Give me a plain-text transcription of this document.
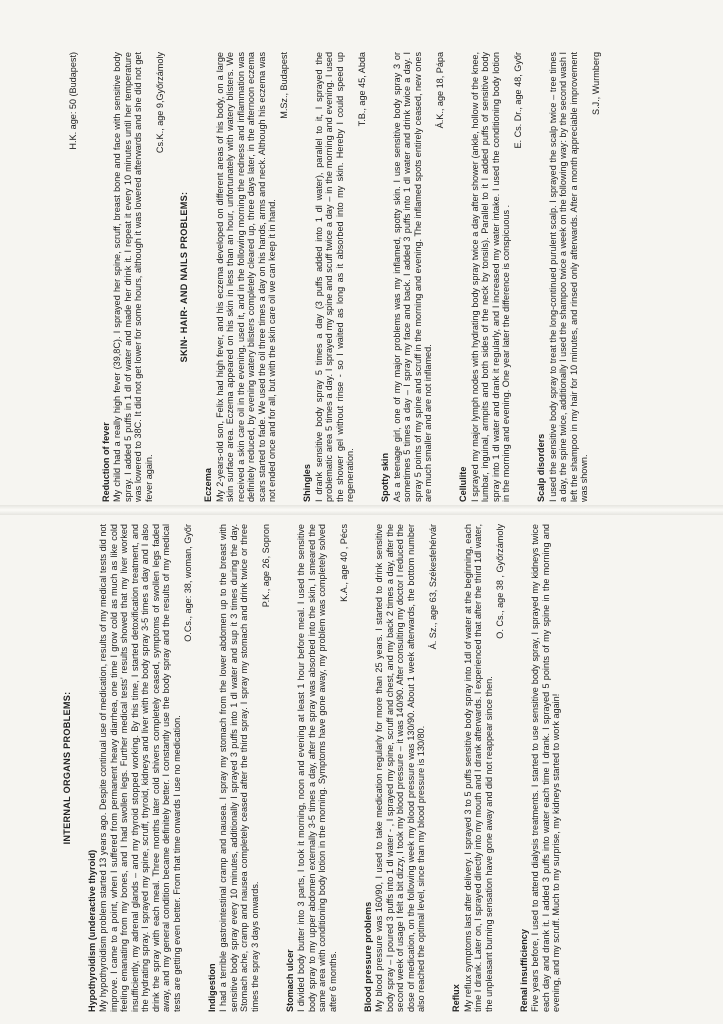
INTERNAL ORGANS PROBLEMS:
Hypothyroidism (underactive thyroid) My hypothyroidism problem started 13 years ago. Despite continual use of medication, results of my medical tests did not improve. I came to a point, when I suffered from permanent heavy diarrhea, one time I grow cold as much as like cold feeling emanating from my bones, and I had swollen legs. Further medical tests' results showed that my liver worked insufficiently, my adrenal glands – and my thyroid stopped working. By this time, I started detoxification treatment, and the hydrating spray. I sprayed my spine, scruff, thyroid, kidneys and liver with the body spray 3-5 times a day and I also drink the spray with each meal. Three months later cold shivers completely ceased, symptoms of swollen legs faded away, and my general condition became definitely better. I constantly use the body spray and the results of my medical tests are getting even better. From that time onwards I use no medication.
O.Cs., age: 38, woman, Győr
Indigestion I had a terrible gastrointestinal cramp and nausea. I spray my stomach from the lower abdomen up to the breast with sensitive body spray every 10 minutes, additionally I sprayed 3 puffs into 1 dl water and sup it 3 times during the day. Stomach ache, cramp and nausea completely ceased after the third spray. I spray my stomach and drink twice or three times the spray 3 days onwards.
P.K., age 26, Sopron
Stomach ulcer I divided body butter into 3 parts, I took it morning, noon and evening at least 1 hour before meal. I used the sensitive body spray to my upper abdomen externally 3-5 times a day, after the spray was absorbed into the skin, I smeared the same area with conditioning body lotion in the morning. Symptoms have gone away, my problem was completely solved after 6 months.
K.A., age 40 , Pécs
Blood pressure problems My blood pressure was 160/90, I used to take medication regularly for more than 25 years. I started to drink sensitive body spray – I poured 3 puffs into 1 dl water - , I sprayed my spine, scruff and chest, and my back 2 times a day, after the second week of usage I felt a bit dizzy, I took my blood pressure – it was 140/90. After consulting my doctor I reduced the dose of medication, on the following week my blood pressure was 130/90. About 1 week afterwards, the bottom number also reached the optimal level, since than my blood pressure is 130/80.
Á. Sz., age 63, Székesfehérvár
Reflux My reflux symptoms last after delivery. I sprayed 3 to 5 puffs sensitive body spray into 1dl of water at the beginning, each time I drank. Later on, I sprayed directly into my mouth and I drank afterwards. I experienced that after the third 1dl water, the unpleasant burning sensation have gone away and did not reappear since then.
O. Cs., age 38 , Győrzámoly
Renal insufficiency Five years before, I used to attend dialysis treatments. I started to use sensitive body spray, I sprayed my kidneys twice each day and drank it. I added 3 puffs into water each time I drank. I sprayed 5 points of my spine in the morning and evening, and my scruff. Much to my surprise, my kidneys started to work again!
H.K. age: 50 (Budapest)
Reduction of fever My child had a really high fever (39,8C). I sprayed her spine, scruff, breast bone and face with sensitive body spray. I added 5 puffs in 1 dl of water and made her drink it. I repeat it every 10 minutes until her temperature was lowered to 38C. It did not get lower for some hours, although it was lowered afterwards and she did not get fever again.
Cs.K., age 9,Győrzámoly
SKIN- HAIR- AND NAILS PROBLEMS:
Eczema My 2-years-old son, Felix had high fever, and his eczema developed on different areas of his body, on a large skin surface area. Eczema appeared on his skin in less than an hour, unfortunately with watery blisters. We received a skin care oil in the evening, used it, and in the following morning the redness and inflammation was definitely reduced, by evening watery blisters completely cleared up, three days later, in the afternoon eczema scars started to fade. We used the oil three times a day on his hands, arms and neck. Although his eczema was not ended once and for all, but with the skin care oil we can keep it in hand.
M.Sz., Budapest
Shingles I drank sensitive body spray 5 times a day (3 puffs added into 1 dl water), parallel to it, I sprayed the problematic area 5 times a day. I sprayed my spine and scuff twice a day – in the morning and evening. I used the shower gel without rinse - so I waited as long as it absorbed into my skin. Hereby I could speed up regeneration.
T.B., age 45, Abda
Spotty skin As a teenage girl, one of my major problems was my inflamed, spotty skin. I use sensitive body spray 3 or sometimes 5 times a day – I spray my face and back. I added 3 puffs into 1 dl water and drink twice a day. I spray 5 points of my spine and scruff in the morning and evening. The inflamed spots entirely ceased, new ones are much smaller and are not inflamed.
Á.K., age 18, Pápa
Cellulite I sprayed my major lymph nodes with hydrating body spray twice a day after shower (ankle, hollow of the knee, lumbar, inguinal, armpits and both sides of the neck by tonsils). Parallel to it I added puffs of sensitive body spray into 1 dl water and drank it regularly, and I increased my water intake. I used the conditioning body lotion in the morning and evening. One year later the difference is conspicuous .
E. Cs. Dr., age 48, Győr
Scalp disorders I used the sensitive body spray to treat the long-continued purulent scalp. I sprayed the scalp twice – tree times a day, the spine twice, additionally I used the shampoo twice a week on the following way: by the second wash I left the shampoo in my hair for 10 minutes, and rinsed only afterwards. After a month appreciable improvement was shown.
S.J., Wurmberg
